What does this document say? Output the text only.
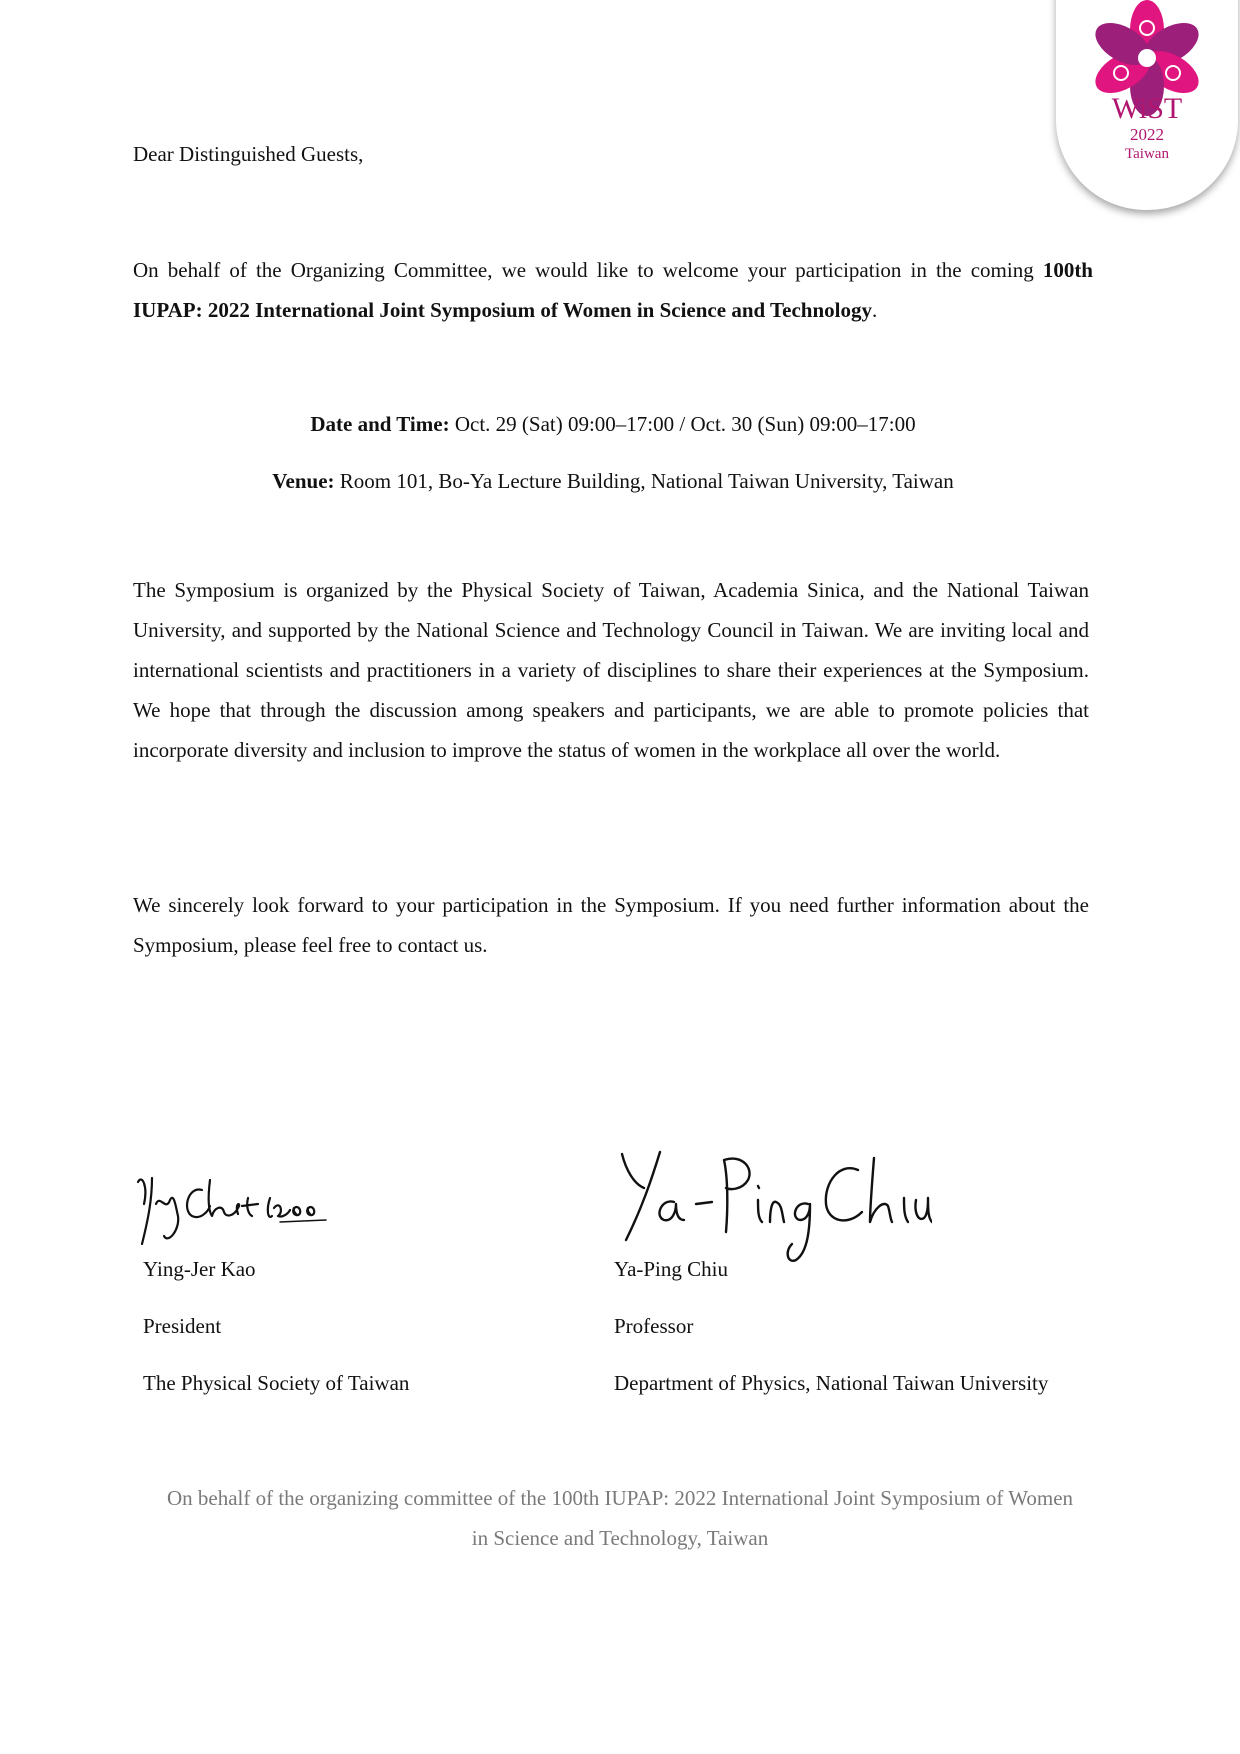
WiST
2022
Taiwan
Dear Distinguished Guests,
On behalf of the Organizing Committee, we would like to welcome your participation in the coming 100th IUPAP: 2022 International Joint Symposium of Women in Science and Technology.
Date and Time: Oct. 29 (Sat) 09:00–17:00 / Oct. 30 (Sun) 09:00–17:00
Venue: Room 101, Bo-Ya Lecture Building, National Taiwan University, Taiwan
The Symposium is organized by the Physical Society of Taiwan, Academia Sinica, and the National Taiwan University, and supported by the National Science and Technology Council in Taiwan. We are inviting local and international scientists and practitioners in a variety of disciplines to share their experiences at the Symposium. We hope that through the discussion among speakers and participants, we are able to promote policies that incorporate diversity and inclusion to improve the status of women in the workplace all over the world.
We sincerely look forward to your participation in the Symposium. If you need further information about the Symposium, please feel free to contact us.
Ying-Jer Kao
President
The Physical Society of Taiwan
Ya-Ping Chiu
Professor
Department of Physics, National Taiwan University
On behalf of the organizing committee of the 100th IUPAP: 2022 International Joint Symposium of Women in Science and Technology, Taiwan
